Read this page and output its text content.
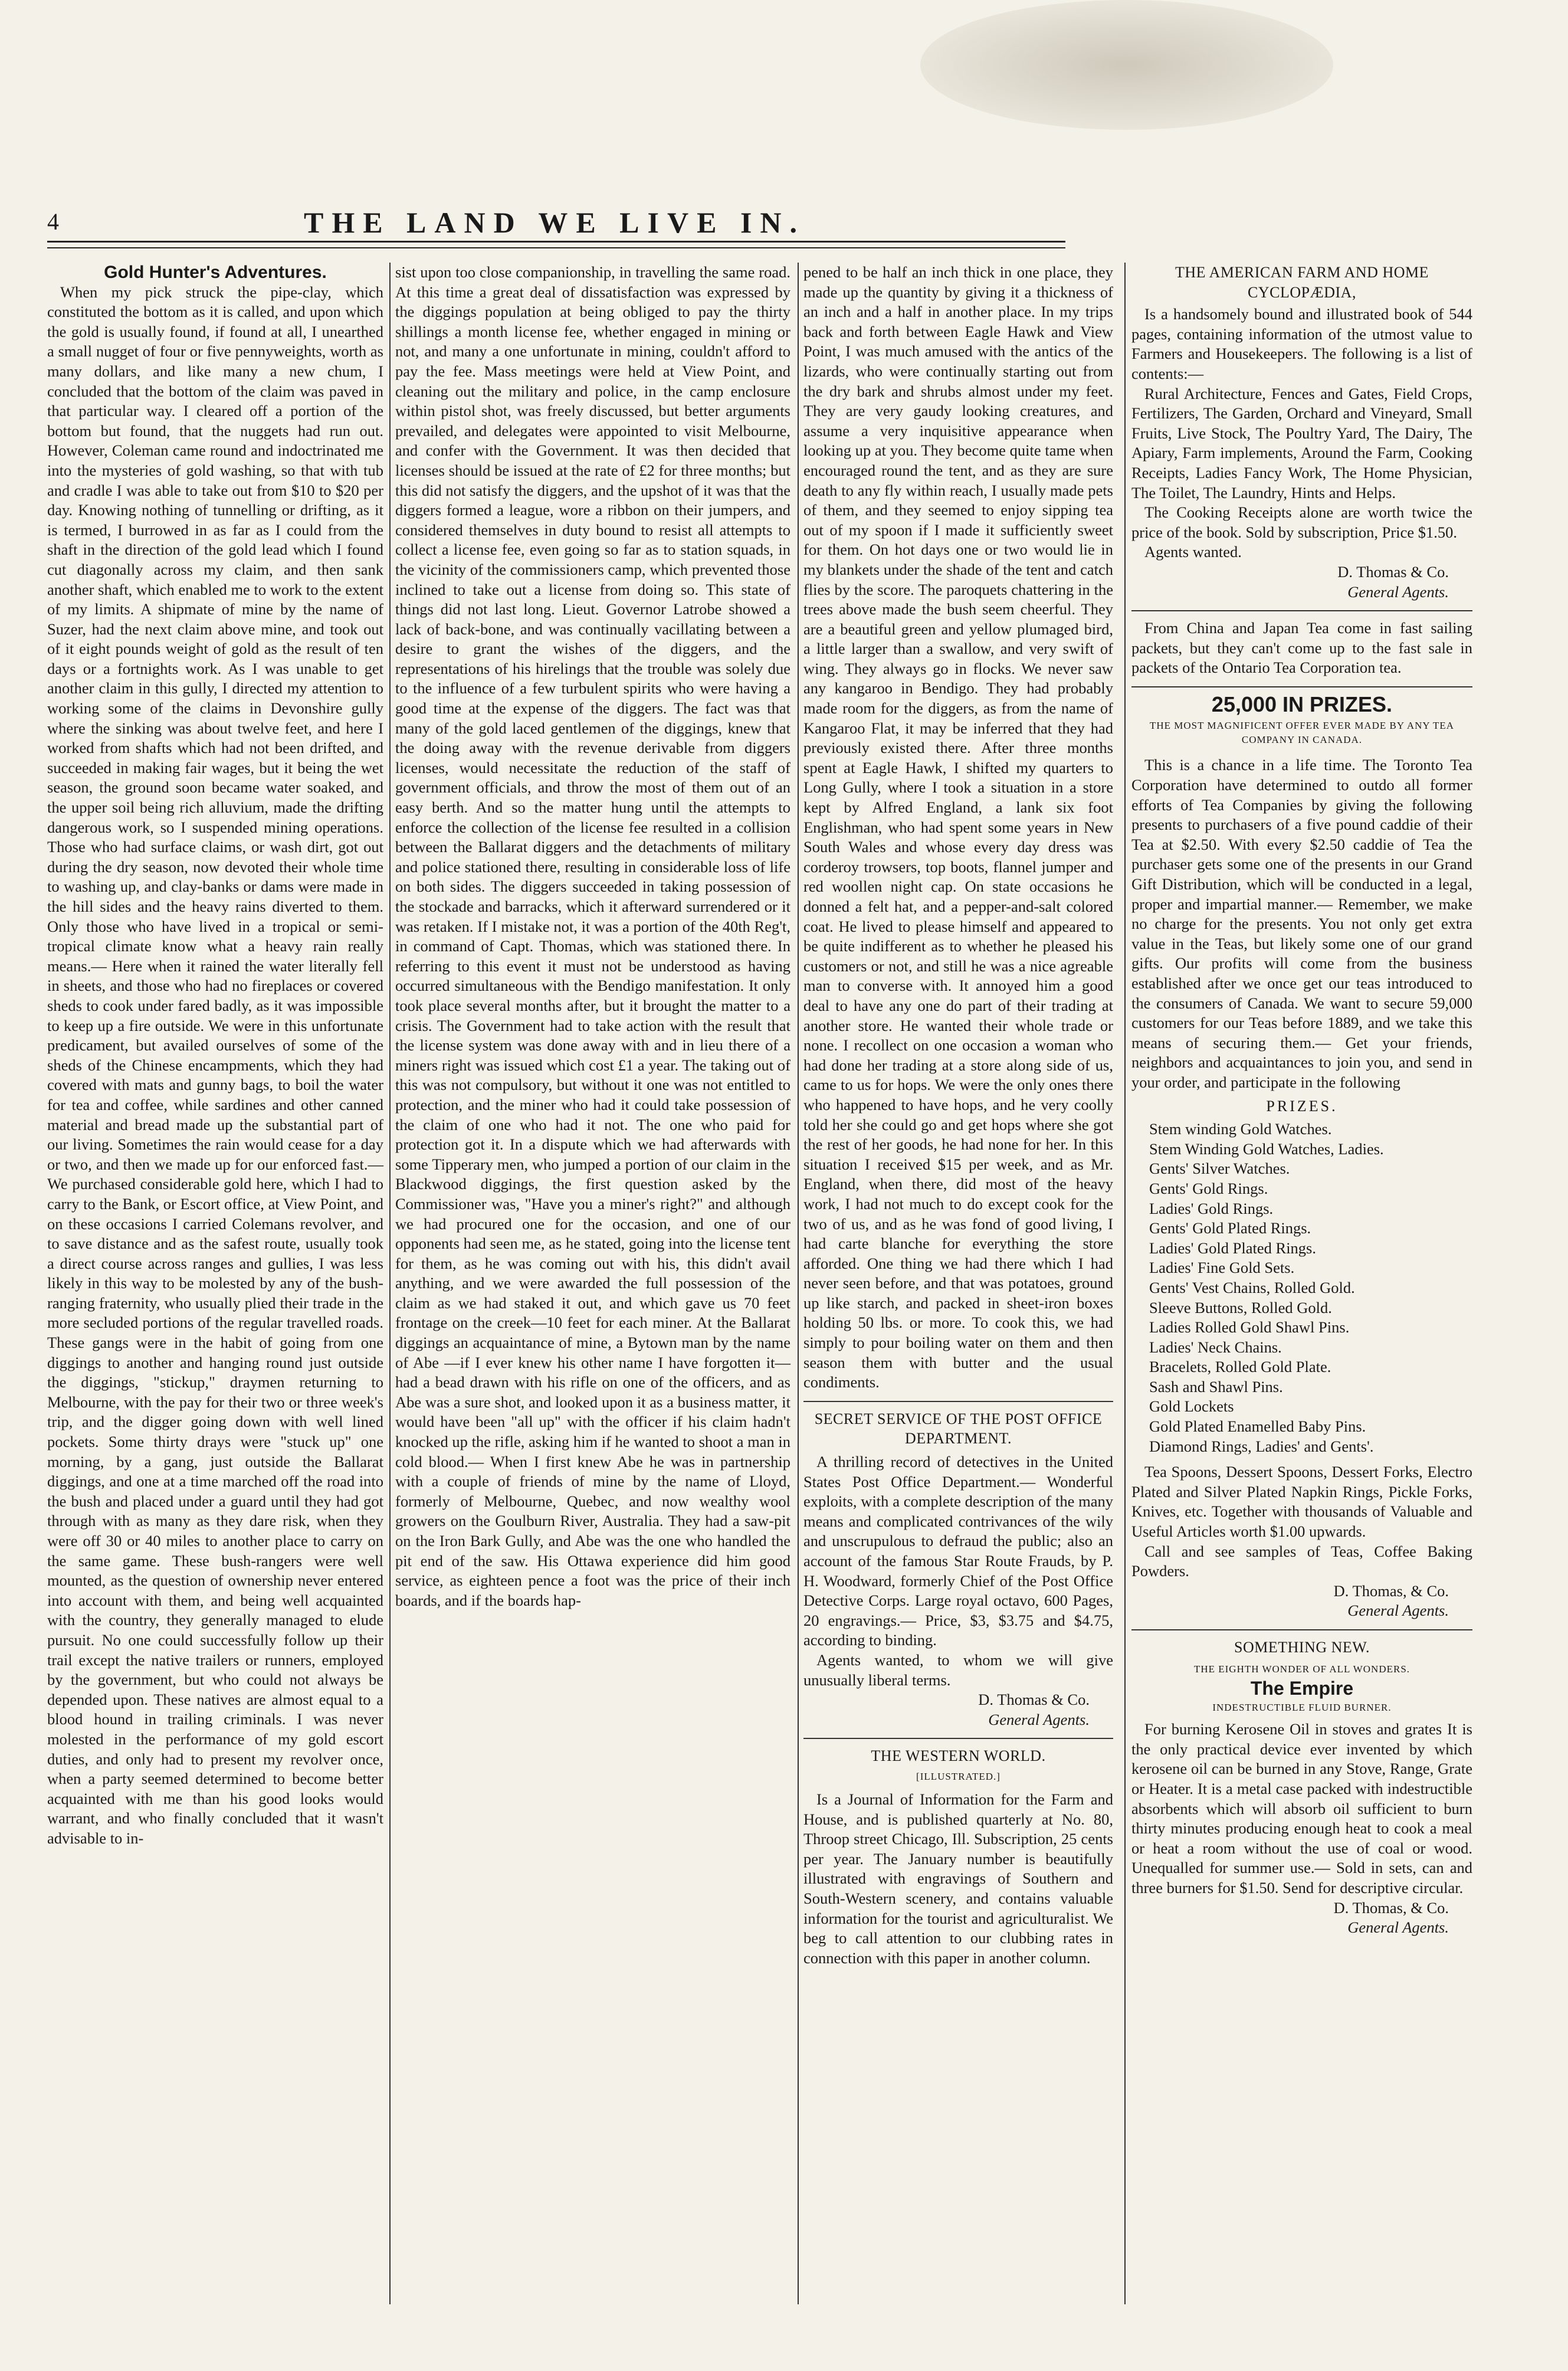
4	THE LAND WE LIVE IN.

Gold Hunter's Adventures.

When my pick struck the pipe-clay, which constituted the bottom as it is called, and upon which the gold is usually found, if found at all, I unearthed a small nugget of four or five pennyweights, worth as many dollars, and like many a new chum, I concluded that the bottom of the claim was paved in that particular way. I cleared off a portion of the bottom but found, that the nuggets had run out. However, Coleman came round and indoctrinated me into the mysteries of gold washing, so that with tub and cradle I was able to take out from $10 to $20 per day. Knowing nothing of tunnelling or drifting, as it is termed, I burrowed in as far as I could from the shaft in the direction of the gold lead which I found cut diagonally across my claim, and then sank another shaft, which enabled me to work to the extent of my limits. A shipmate of mine by the name of Suzer, had the next claim above mine, and took out of it eight pounds weight of gold as the result of ten days or a fortnights work. As I was unable to get another claim in this gully, I directed my attention to working some of the claims in Devonshire gully where the sinking was about twelve feet, and here I worked from shafts which had not been drifted, and succeeded in making fair wages, but it being the wet season, the ground soon became water soaked, and the upper soil being rich alluvium, made the drifting dangerous work, so I suspended mining operations. Those who had surface claims, or wash dirt, got out during the dry season, now devoted their whole time to washing up, and clay-banks or dams were made in the hill sides and the heavy rains diverted to them. Only those who have lived in a tropical or semi-tropical climate know what a heavy rain really means.— Here when it rained the water literally fell in sheets, and those who had no fireplaces or covered sheds to cook under fared badly, as it was impossible to keep up a fire outside. We were in this unfortunate predicament, but availed ourselves of some of the sheds of the Chinese encampments, which they had covered with mats and gunny bags, to boil the water for tea and coffee, while sardines and other canned material and bread made up the substantial part of our living. Sometimes the rain would cease for a day or two, and then we made up for our enforced fast.— We purchased considerable gold here, which I had to carry to the Bank, or Escort office, at View Point, and on these occasions I carried Colemans revolver, and to save distance and as the safest route, usually took a direct course across ranges and gullies, I was less likely in this way to be molested by any of the bush-ranging fraternity, who usually plied their trade in the more secluded portions of the regular travelled roads. These gangs were in the habit of going from one diggings to another and hanging round just outside the diggings, "stickup," draymen returning to Melbourne, with the pay for their two or three week's trip, and the digger going down with well lined pockets. Some thirty drays were "stuck up" one morning, by a gang, just outside the Ballarat diggings, and one at a time marched off the road into the bush and placed under a guard until they had got through with as many as they dare risk, when they were off 30 or 40 miles to another place to carry on the same game. These bush-rangers were well mounted, as the question of ownership never entered into account with them, and being well acquainted with the country, they generally managed to elude pursuit. No one could successfully follow up their trail except the native trailers or runners, employed by the government, but who could not always be depended upon. These natives are almost equal to a blood hound in trailing criminals. I was never molested in the performance of my gold escort duties, and only had to present my revolver once, when a party seemed determined to become better acquainted with me than his good looks would warrant, and who finally concluded that it wasn't advisable to in-

sist upon too close companionship, in travelling the same road. At this time a great deal of dissatisfaction was expressed by the diggings population at being obliged to pay the thirty shillings a month license fee, whether engaged in mining or not, and many a one unfortunate in mining, couldn't afford to pay the fee. Mass meetings were held at View Point, and cleaning out the military and police, in the camp enclosure within pistol shot, was freely discussed, but better arguments prevailed, and delegates were appointed to visit Melbourne, and confer with the Government. It was then decided that licenses should be issued at the rate of £2 for three months; but this did not satisfy the diggers, and the upshot of it was that the diggers formed a league, wore a ribbon on their jumpers, and considered themselves in duty bound to resist all attempts to collect a license fee, even going so far as to station squads, in the vicinity of the commissioners camp, which prevented those inclined to take out a license from doing so. This state of things did not last long. Lieut. Governor Latrobe showed a lack of back-bone, and was continually vacillating between a desire to grant the wishes of the diggers, and the representations of his hirelings that the trouble was solely due to the influence of a few turbulent spirits who were having a good time at the expense of the diggers. The fact was that many of the gold laced gentlemen of the diggings, knew that the doing away with the revenue derivable from diggers licenses, would necessitate the reduction of the staff of government officials, and throw the most of them out of an easy berth. And so the matter hung until the attempts to enforce the collection of the license fee resulted in a collision between the Ballarat diggers and the detachments of military and police stationed there, resulting in considerable loss of life on both sides. The diggers succeeded in taking possession of the stockade and barracks, which it afterward surrendered or it was retaken. If I mistake not, it was a portion of the 40th Reg't, in command of Capt. Thomas, which was stationed there. In referring to this event it must not be understood as having occurred simultaneous with the Bendigo manifestation. It only took place several months after, but it brought the matter to a crisis. The Government had to take action with the result that the license system was done away with and in lieu there of a miners right was issued which cost £1 a year. The taking out of this was not compulsory, but without it one was not entitled to protection, and the miner who had it could take possession of the claim of one who had it not. The one who paid for protection got it. In a dispute which we had afterwards with some Tipperary men, who jumped a portion of our claim in the Blackwood diggings, the first question asked by the Commissioner was, "Have you a miner's right?" and although we had procured one for the occasion, and one of our opponents had seen me, as he stated, going into the license tent for them, as he was coming out with his, this didn't avail anything, and we were awarded the full possession of the claim as we had staked it out, and which gave us 70 feet frontage on the creek—10 feet for each miner. At the Ballarat diggings an acquaintance of mine, a Bytown man by the name of Abe —if I ever knew his other name I have forgotten it—had a bead drawn with his rifle on one of the officers, and as Abe was a sure shot, and looked upon it as a business matter, it would have been "all up" with the officer if his claim hadn't knocked up the rifle, asking him if he wanted to shoot a man in cold blood.— When I first knew Abe he was in partnership with a couple of friends of mine by the name of Lloyd, formerly of Melbourne, Quebec, and now wealthy wool growers on the Goulburn River, Australia. They had a saw-pit on the Iron Bark Gully, and Abe was the one who handled the pit end of the saw. His Ottawa experience did him good service, as eighteen pence a foot was the price of their inch boards, and if the boards hap-

pened to be half an inch thick in one place, they made up the quantity by giving it a thickness of an inch and a half in another place. In my trips back and forth between Eagle Hawk and View Point, I was much amused with the antics of the lizards, who were continually starting out from the dry bark and shrubs almost under my feet. They are very gaudy looking creatures, and assume a very inquisitive appearance when looking up at you. They become quite tame when encouraged round the tent, and as they are sure death to any fly within reach, I usually made pets of them, and they seemed to enjoy sipping tea out of my spoon if I made it sufficiently sweet for them. On hot days one or two would lie in my blankets under the shade of the tent and catch flies by the score. The paroquets chattering in the trees above made the bush seem cheerful. They are a beautiful green and yellow plumaged bird, a little larger than a swallow, and very swift of wing. They always go in flocks. We never saw any kangaroo in Bendigo. They had probably made room for the diggers, as from the name of Kangaroo Flat, it may be inferred that they had previously existed there. After three months spent at Eagle Hawk, I shifted my quarters to Long Gully, where I took a situation in a store kept by Alfred England, a lank six foot Englishman, who had spent some years in New South Wales and whose every day dress was corderoy trowsers, top boots, flannel jumper and red woollen night cap. On state occasions he donned a felt hat, and a pepper-and-salt colored coat. He lived to please himself and appeared to be quite indifferent as to whether he pleased his customers or not, and still he was a nice agreable man to converse with. It annoyed him a good deal to have any one do part of their trading at another store. He wanted their whole trade or none. I recollect on one occasion a woman who had done her trading at a store along side of us, came to us for hops. We were the only ones there who happened to have hops, and he very coolly told her she could go and get hops where she got the rest of her goods, he had none for her. In this situation I received $15 per week, and as Mr. England, when there, did most of the heavy work, I had not much to do except cook for the two of us, and as he was fond of good living, I had carte blanche for everything the store afforded. One thing we had there which I had never seen before, and that was potatoes, ground up like starch, and packed in sheet-iron boxes holding 50 lbs. or more. To cook this, we had simply to pour boiling water on them and then season them with butter and the usual condiments.

SECRET SERVICE OF THE POST OFFICE DEPARTMENT.

A thrilling record of detectives in the United States Post Office Department.— Wonderful exploits, with a complete description of the many means and complicated contrivances of the wily and unscrupulous to defraud the public; also an account of the famous Star Route Frauds, by P. H. Woodward, formerly Chief of the Post Office Detective Corps. Large royal octavo, 600 Pages, 20 engravings.— Price, $3, $3.75 and $4.75, according to binding.

Agents wanted, to whom we will give unusually liberal terms.

D. Thomas & Co.

General Agents.

THE WESTERN WORLD.

[ILLUSTRATED.]

Is a Journal of Information for the Farm and House, and is published quarterly at No. 80, Throop street Chicago, Ill. Subscription, 25 cents per year. The January number is beautifully illustrated with engravings of Southern and South-Western scenery, and contains valuable information for the tourist and agriculturalist. We beg to call attention to our clubbing rates in connection with this paper in another column.

THE AMERICAN FARM AND HOME CYCLOPÆDIA,

Is a handsomely bound and illustrated book of 544 pages, containing information of the utmost value to Farmers and Housekeepers. The following is a list of contents:—

Rural Architecture, Fences and Gates, Field Crops, Fertilizers, The Garden, Orchard and Vineyard, Small Fruits, Live Stock, The Poultry Yard, The Dairy, The Apiary, Farm implements, Around the Farm, Cooking Receipts, Ladies Fancy Work, The Home Physician, The Toilet, The Laundry, Hints and Helps.

The Cooking Receipts alone are worth twice the price of the book. Sold by subscription, Price $1.50.

Agents wanted.

D. Thomas & Co.

General Agents.

From China and Japan Tea come in fast sailing packets, but they can't come up to the fast sale in packets of the Ontario Tea Corporation tea.

25,000 IN PRIZES.

THE MOST MAGNIFICENT OFFER EVER MADE BY ANY TEA COMPANY IN CANADA.

This is a chance in a life time. The Toronto Tea Corporation have determined to outdo all former efforts of Tea Companies by giving the following presents to purchasers of a five pound caddie of their Tea at $2.50. With every $2.50 caddie of Tea the purchaser gets some one of the presents in our Grand Gift Distribution, which will be conducted in a legal, proper and impartial manner.— Remember, we make no charge for the presents. You not only get extra value in the Teas, but likely some one of our grand gifts. Our profits will come from the business established after we once get our teas introduced to the consumers of Canada. We want to secure 59,000 customers for our Teas before 1889, and we take this means of securing them.— Get your friends, neighbors and acquaintances to join you, and send in your order, and participate in the following

PRIZES.

Stem winding Gold Watches.
Stem Winding Gold Watches, Ladies.
Gents' Silver Watches.
Gents' Gold Rings.
Ladies' Gold Rings.
Gents' Gold Plated Rings.
Ladies' Gold Plated Rings.
Ladies' Fine Gold Sets.
Gents' Vest Chains, Rolled Gold.
Sleeve Buttons, Rolled Gold.
Ladies Rolled Gold Shawl Pins.
Ladies' Neck Chains.
Bracelets, Rolled Gold Plate.
Sash and Shawl Pins.
Gold Lockets
Gold Plated Enamelled Baby Pins.
Diamond Rings, Ladies' and Gents'.

Tea Spoons, Dessert Spoons, Dessert Forks, Electro Plated and Silver Plated Napkin Rings, Pickle Forks, Knives, etc. Together with thousands of Valuable and Useful Articles worth $1.00 upwards.

Call and see samples of Teas, Coffee Baking Powders.

D. Thomas, & Co.

General Agents.

SOMETHING NEW.

THE EIGHTH WONDER OF ALL WONDERS.

The Empire

INDESTRUCTIBLE FLUID BURNER.

For burning Kerosene Oil in stoves and grates It is the only practical device ever invented by which kerosene oil can be burned in any Stove, Range, Grate or Heater. It is a metal case packed with indestructible absorbents which will absorb oil sufficient to burn thirty minutes producing enough heat to cook a meal or heat a room without the use of coal or wood. Unequalled for summer use.— Sold in sets, can and three burners for $1.50. Send for descriptive circular.

D. Thomas, & Co.

General Agents.
